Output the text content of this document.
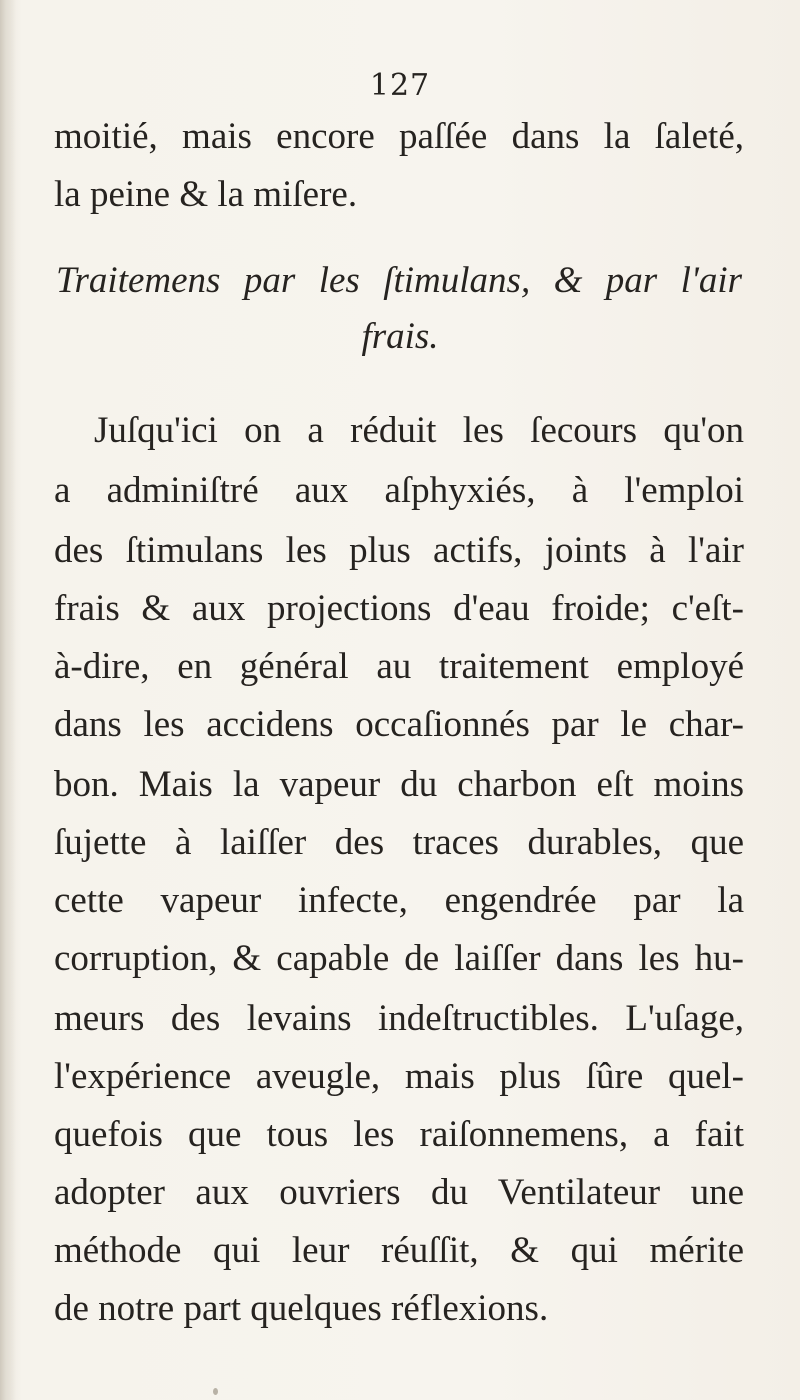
127
moitié, mais encore paſſée dans la ſaleté,
la peine & la miſere.
Traitemens par les ſtimulans, & par l'air
frais.
Juſqu'ici on a réduit les ſecours qu'on
a adminiſtré aux aſphyxiés, à l'emploi
des ſtimulans les plus actifs, joints à l'air
frais & aux projections d'eau froide; c'eſt-
à-dire, en général au traitement employé
dans les accidens occaſionnés par le char-
bon. Mais la vapeur du charbon eſt moins
ſujette à laiſſer des traces durables, que
cette vapeur infecte, engendrée par la
corruption, & capable de laiſſer dans les hu-
meurs des levains indeſtructibles. L'uſage,
l'expérience aveugle, mais plus ſûre quel-
quefois que tous les raiſonnemens, a fait
adopter aux ouvriers du Ventilateur une
méthode qui leur réuſſit, & qui mérite
de notre part quelques réflexions.
